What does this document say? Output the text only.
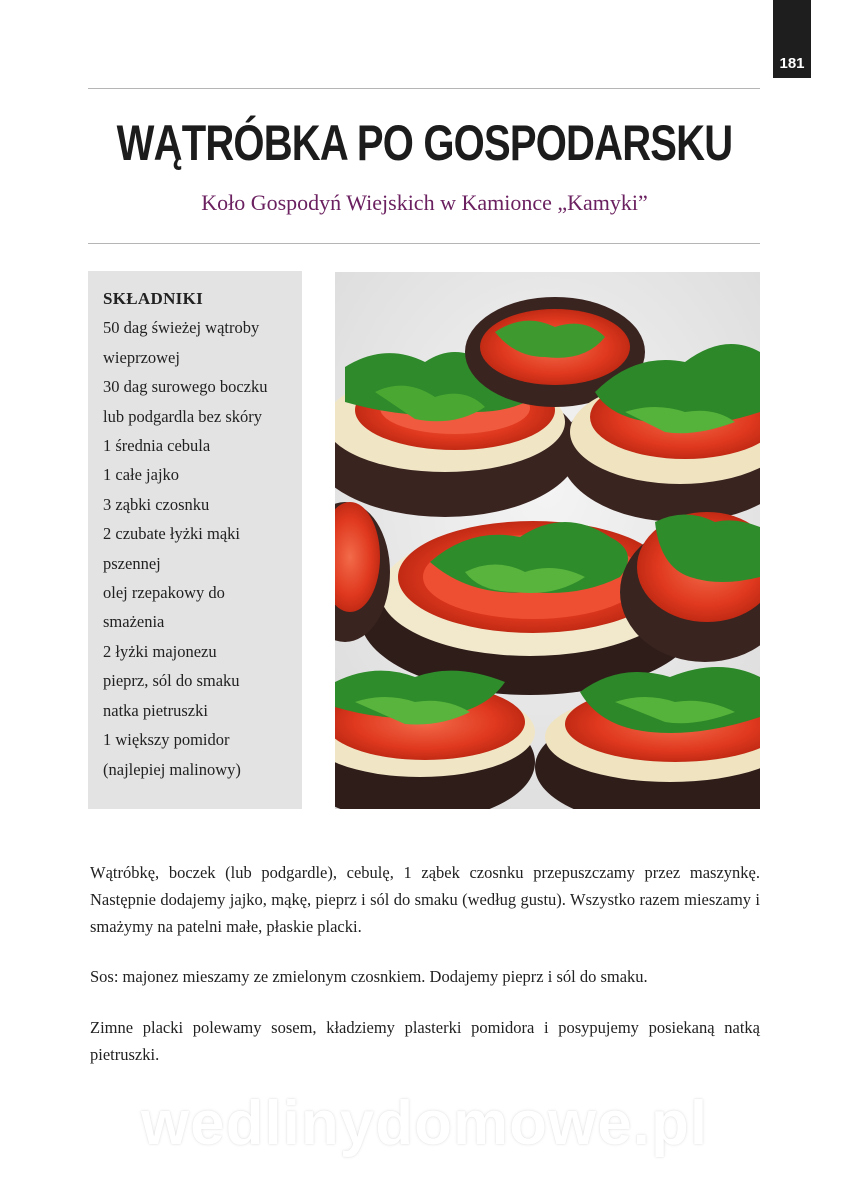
181
WĄTRÓBKA PO GOSPODARSKU
Koło Gospodyń Wiejskich w Kamionce „Kamyki”
SKŁADNIKI
50 dag świeżej wątroby
wieprzowej
30 dag surowego boczku
lub podgardla bez skóry
1 średnia cebula
1 całe jajko
3 ząbki czosnku
2 czubate łyżki mąki
pszennej
olej rzepakowy do
smażenia
2 łyżki majonezu
pieprz, sól do smaku
natka pietruszki
1 większy pomidor
(najlepiej malinowy)
Wątróbkę, boczek (lub podgardle), cebulę, 1 ząbek czosnku przepuszczamy przez maszynkę. Następnie dodajemy jajko, mąkę, pieprz i sól do smaku (według gustu). Wszystko razem mieszamy i smażymy na patelni małe, płaskie placki.
Sos: majonez mieszamy ze zmielonym czosnkiem. Dodajemy pieprz i sól do smaku.
Zimne placki polewamy sosem, kładziemy plasterki pomidora i posypujemy posiekaną natką pietruszki.
wedlinydomowe.pl
